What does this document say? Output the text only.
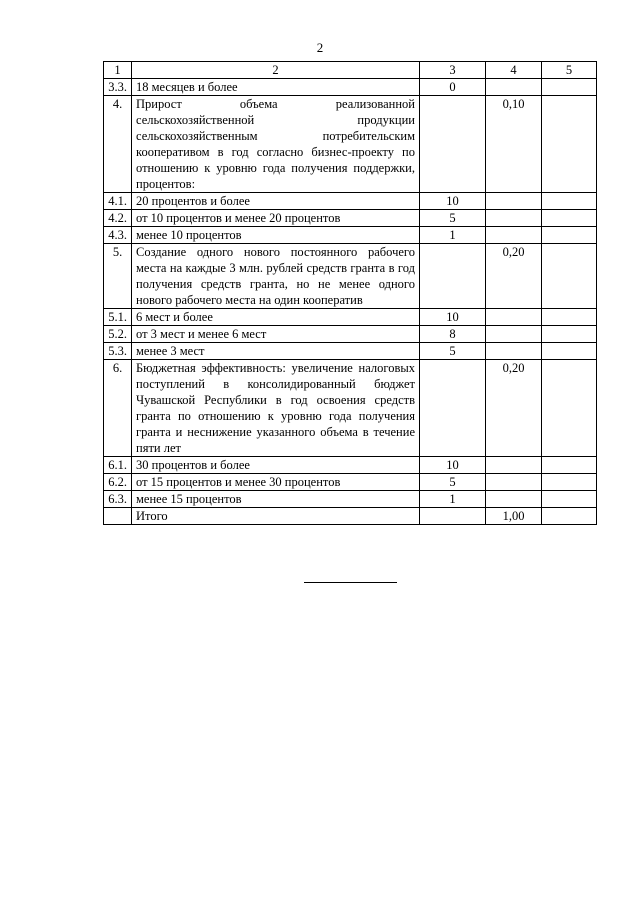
2
1	2	3	4	5
3.3.	18 месяцев и более	0		
4.	Прирост объема реализованной сельскохозяйственной продукции сельскохозяйственным потребительским кооперативом в год согласно бизнес-проекту по отношению к уровню года получения поддержки, процентов:		0,10	
4.1.	20 процентов и более	10		
4.2.	от 10 процентов и менее 20 процентов	5		
4.3.	менее 10 процентов	1		
5.	Создание одного нового постоянного рабочего места на каждые 3 млн. рублей средств гранта в год получения средств гранта, но не менее одного нового рабочего места на один кооператив		0,20	
5.1.	6 мест и более	10		
5.2.	от 3 мест и менее 6 мест	8		
5.3.	менее 3 мест	5		
6.	Бюджетная эффективность: увеличение налоговых поступлений в консолидированный бюджет Чувашской Республики в год освоения средств гранта по отношению к уровню года получения гранта и неснижение указанного объема в течение пяти лет		0,20	
6.1.	30 процентов и более	10		
6.2.	от 15 процентов и менее 30 процентов	5		
6.3.	менее 15 процентов	1		
	Итого		1,00	
